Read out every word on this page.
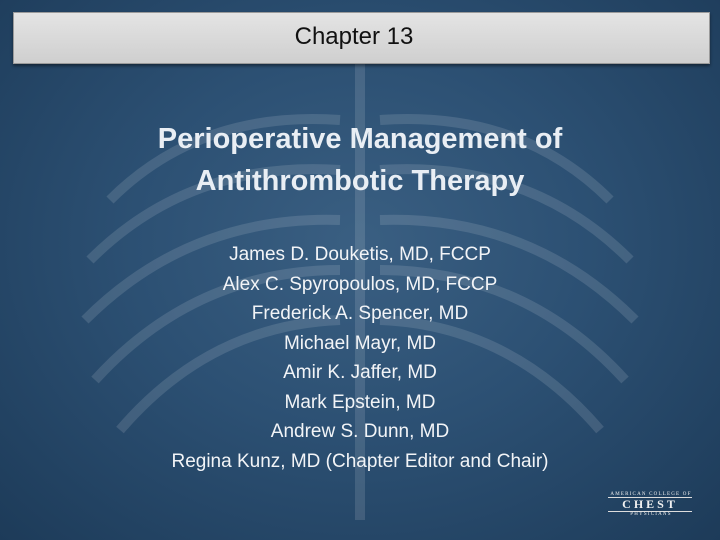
Chapter 13
Perioperative Management of
Antithrombotic Therapy
James D. Douketis, MD, FCCP
Alex C. Spyropoulos, MD, FCCP
Frederick A. Spencer, MD
Michael Mayr, MD
Amir K. Jaffer, MD
Mark Epstein, MD
Andrew S. Dunn, MD
Regina Kunz, MD (Chapter Editor and Chair)
AMERICAN COLLEGE OF
CHEST
PHYSICIANS
